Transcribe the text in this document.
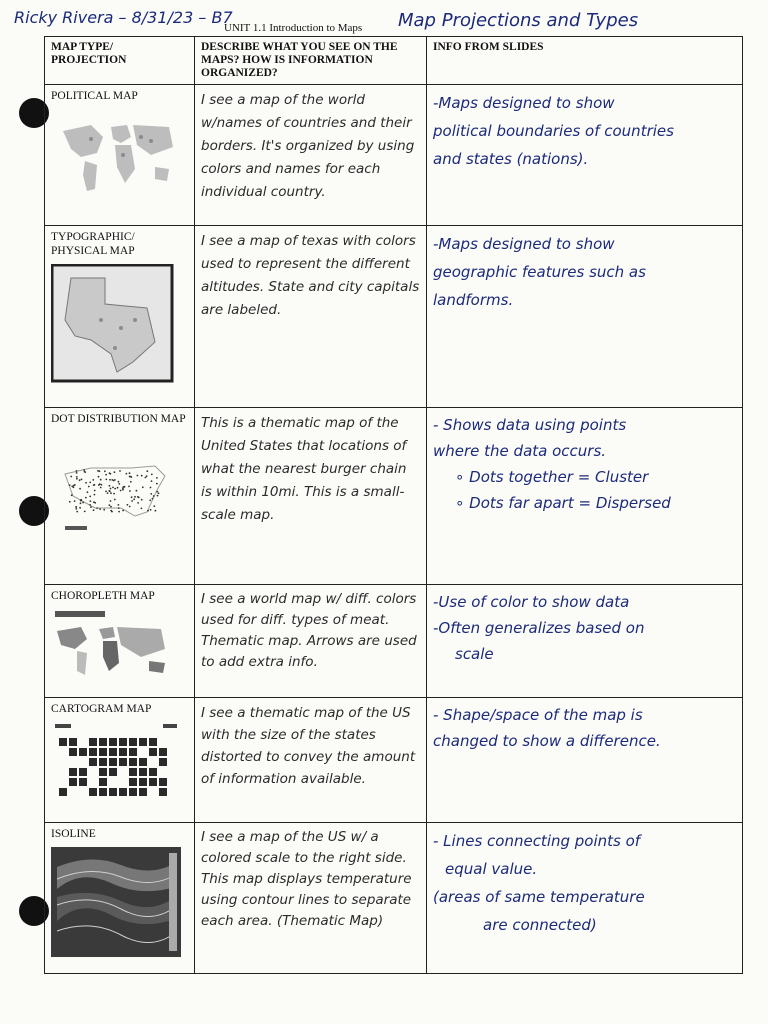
Ricky Rivera – 8/31/23 – B7
UNIT 1.1 Introduction to Maps Map Projections and Types
MAP TYPE/ PROJECTION	DESCRIBE WHAT YOU SEE ON THE MAPS? HOW IS INFORMATION ORGANIZED?	INFO FROM SLIDES

POLITICAL MAP	I see a map of the world w/names of countries and their borders. It's organized by using colors and names for each individual country.	-Maps designed to show
political boundaries of countries
and states (nations).

TYPOGRAPHIC/ PHYSICAL MAP	I see a map of texas with colors used to represent the different altitudes. State and city capitals are labeled.	-Maps designed to show
geographic features such as
landforms.

DOT DISTRIBUTION MAP	This is a thematic map of the United States that locations of what the nearest burger chain is within 10mi. This is a small-scale map.	- Shows data using points
where the data occurs.
∘ Dots together = Cluster
∘ Dots far apart = Dispersed

CHOROPLETH MAP	I see a world map w/ diff. colors used for diff. types of meat. Thematic map. Arrows are used to add extra info.	-Use of color to show data
-Often generalizes based on
scale

CARTOGRAM MAP	I see a thematic map of the US with the size of the states distorted to convey the amount of information available.	- Shape/space of the map is
changed to show a difference.

ISOLINE	I see a map of the US w/ a colored scale to the right side. This map displays temperature using contour lines to separate each area. (Thematic Map)	- Lines connecting points of
equal value.
(areas of same temperature
are connected)
